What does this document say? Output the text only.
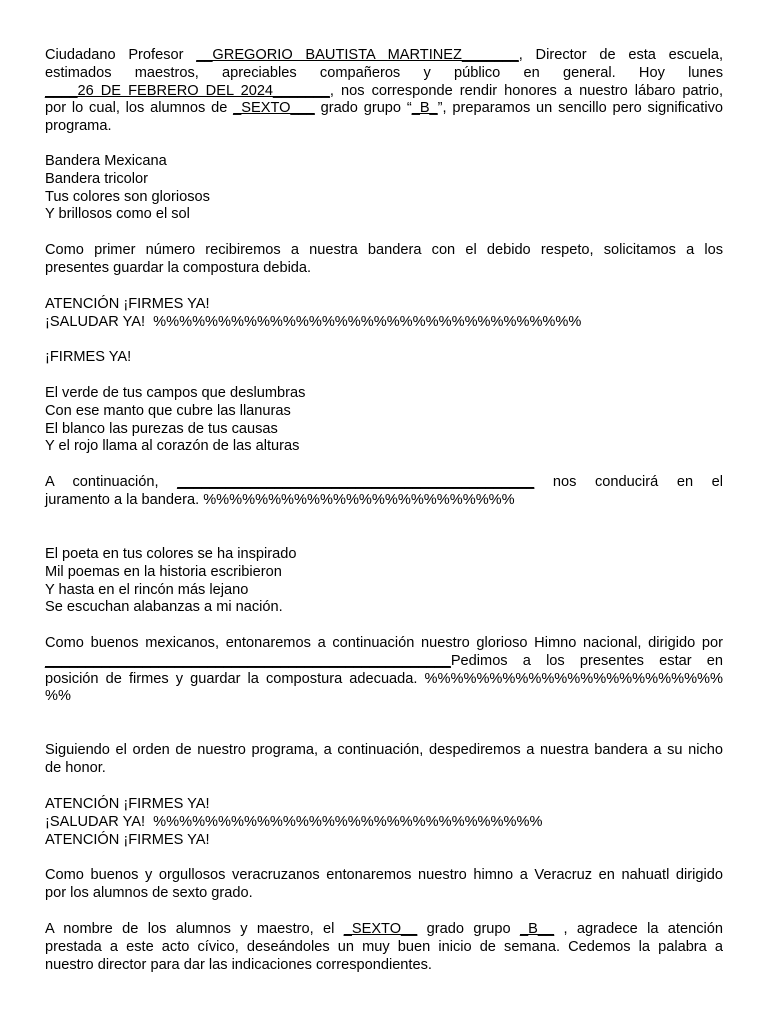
Ciudadano Profesor __GREGORIO BAUTISTA MARTINEZ_______, Director de esta escuela,
estimados maestros, apreciables compañeros y público en general. Hoy lunes
____26 DE FEBRERO DEL 2024_______, nos corresponde rendir honores a nuestro lábaro patrio,
por lo cual, los alumnos de _SEXTO___ grado grupo “_B_”, preparamos un sencillo pero significativo
programa.
Bandera Mexicana
Bandera tricolor
Tus colores son gloriosos
Y brillosos como el sol
Como primer número recibiremos a nuestra bandera con el debido respeto, solicitamos a los
presentes guardar la compostura debida.
ATENCIÓN ¡FIRMES YA!
¡SALUDAR YA!  %%%%%%%%%%%%%%%%%%%%%%%%%%%%%%%%%
¡FIRMES YA!
El verde de tus campos que deslumbras
Con ese manto que cubre las llanuras
El blanco las purezas de tus causas
Y el rojo llama al corazón de las alturas
A continuación, ____________________________________________ nos conducirá en el
juramento a la bandera. %%%%%%%%%%%%%%%%%%%%%%%%
El poeta en tus colores se ha inspirado
Mil poemas en la historia escribieron
Y hasta en el rincón más lejano
Se escuchan alabanzas a mi nación.
Como buenos mexicanos, entonaremos a continuación nuestro glorioso Himno nacional, dirigido por
__________________________________________________Pedimos a los presentes estar en
posición de firmes y guardar la compostura adecuada. %%%%%%%%%%%%%%%%%%%%%%%
%%
Siguiendo el orden de nuestro programa, a continuación, despediremos a nuestra bandera a su nicho
de honor.
ATENCIÓN ¡FIRMES YA!
¡SALUDAR YA!  %%%%%%%%%%%%%%%%%%%%%%%%%%%%%%
ATENCIÓN ¡FIRMES YA!
Como buenos y orgullosos veracruzanos entonaremos nuestro himno a Veracruz en nahuatl dirigido
por los alumnos de sexto grado.
A nombre de los alumnos y maestro, el _SEXTO__ grado grupo _B__ , agradece la atención
prestada a este acto cívico, deseándoles un muy buen inicio de semana. Cedemos la palabra a
nuestro director para dar las indicaciones correspondientes.
